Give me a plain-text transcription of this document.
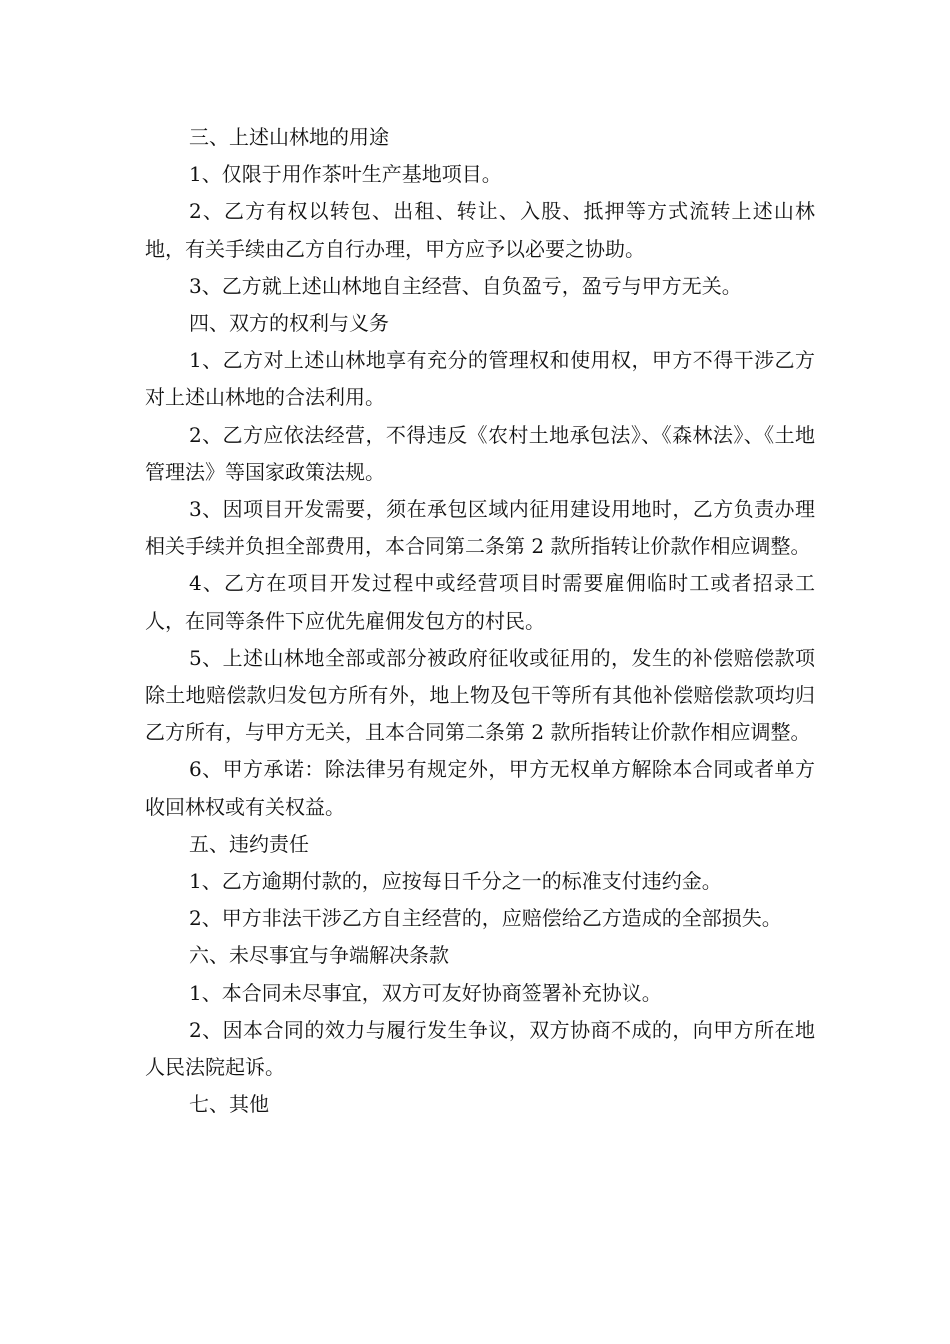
三、上述山林地的用途

1、仅限于用作茶叶生产基地项目。

2、乙方有权以转包、出租、转让、入股、抵押等方式流转上述山林地，有关手续由乙方自行办理，甲方应予以必要之协助。

3、乙方就上述山林地自主经营、自负盈亏，盈亏与甲方无关。

四、双方的权利与义务

1、乙方对上述山林地享有充分的管理权和使用权，甲方不得干涉乙方对上述山林地的合法利用。

2、乙方应依法经营，不得违反《农村土地承包法》、《森林法》、《土地管理法》等国家政策法规。

3、因项目开发需要，须在承包区域内征用建设用地时，乙方负责办理相关手续并负担全部费用，本合同第二条第 2 款所指转让价款作相应调整。

4、乙方在项目开发过程中或经营项目时需要雇佣临时工或者招录工人，在同等条件下应优先雇佣发包方的村民。

5、上述山林地全部或部分被政府征收或征用的，发生的补偿赔偿款项除土地赔偿款归发包方所有外，地上物及包干等所有其他补偿赔偿款项均归乙方所有，与甲方无关，且本合同第二条第 2 款所指转让价款作相应调整。

6、甲方承诺：除法律另有规定外，甲方无权单方解除本合同或者单方收回林权或有关权益。

五、违约责任

1、乙方逾期付款的，应按每日千分之一的标准支付违约金。

2、甲方非法干涉乙方自主经营的，应赔偿给乙方造成的全部损失。

六、未尽事宜与争端解决条款

1、本合同未尽事宜，双方可友好协商签署补充协议。

2、因本合同的效力与履行发生争议，双方协商不成的，向甲方所在地人民法院起诉。

七、其他
